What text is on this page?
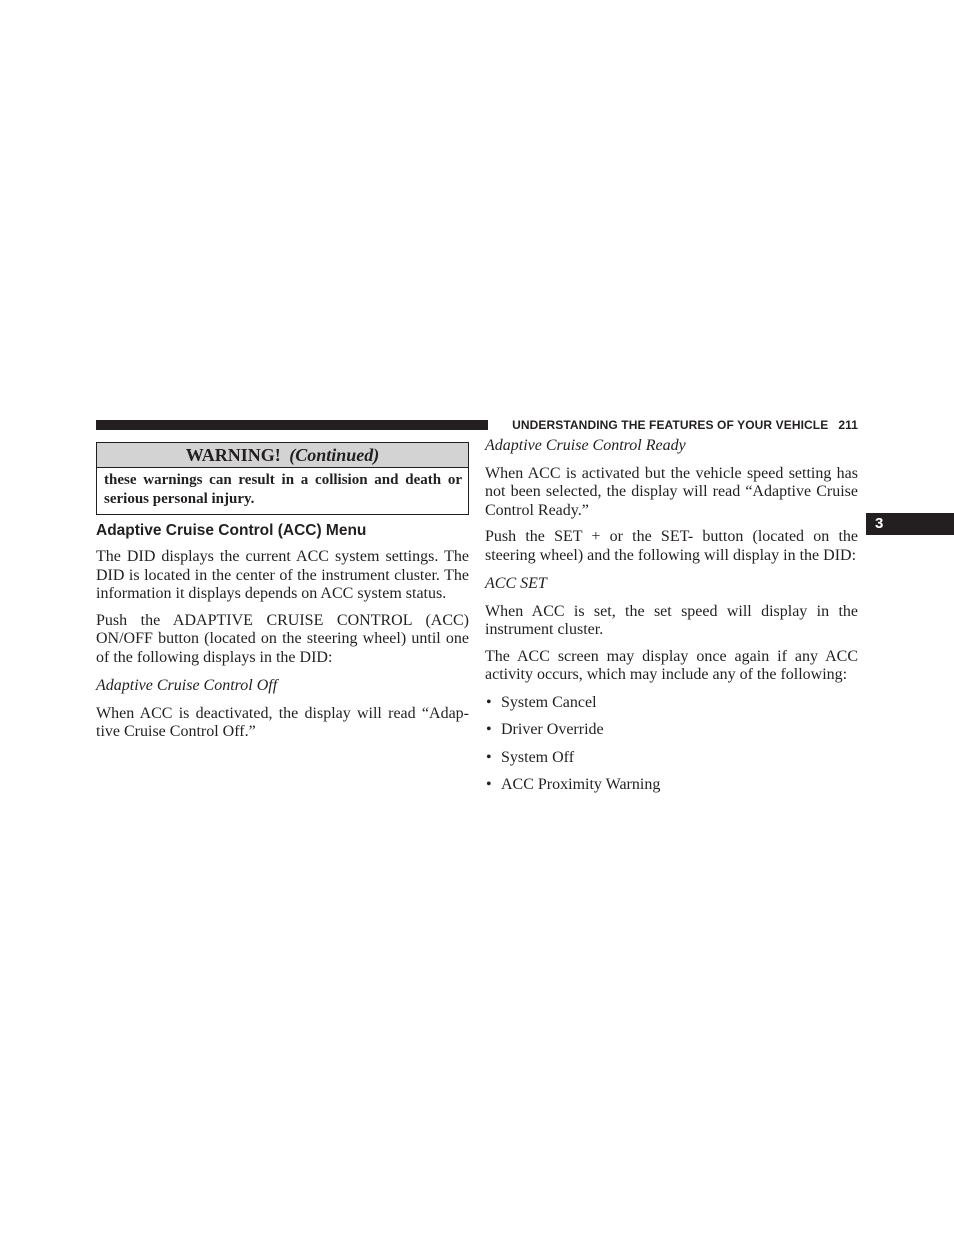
UNDERSTANDING THE FEATURES OF YOUR VEHICLE 211
3
WARNING! (Continued)
these warnings can result in a collision and death or serious personal injury.
Adaptive Cruise Control (ACC) Menu

The DID displays the current ACC system settings. The DID is located in the center of the instrument cluster. The information it displays depends on ACC system status.

Push the ADAPTIVE CRUISE CONTROL (ACC) ON/OFF button (located on the steering wheel) until one of the following displays in the DID:

Adaptive Cruise Control Off

When ACC is deactivated, the display will read “Adap-tive Cruise Control Off.”

Adaptive Cruise Control Ready

When ACC is activated but the vehicle speed setting has not been selected, the display will read “Adaptive Cruise Control Ready.”

Push the SET + or the SET- button (located on the steering wheel) and the following will display in the DID:

ACC SET

When ACC is set, the set speed will display in the instrument cluster.

The ACC screen may display once again if any ACC activity occurs, which may include any of the following:

• System Cancel
• Driver Override
• System Off
• ACC Proximity Warning
